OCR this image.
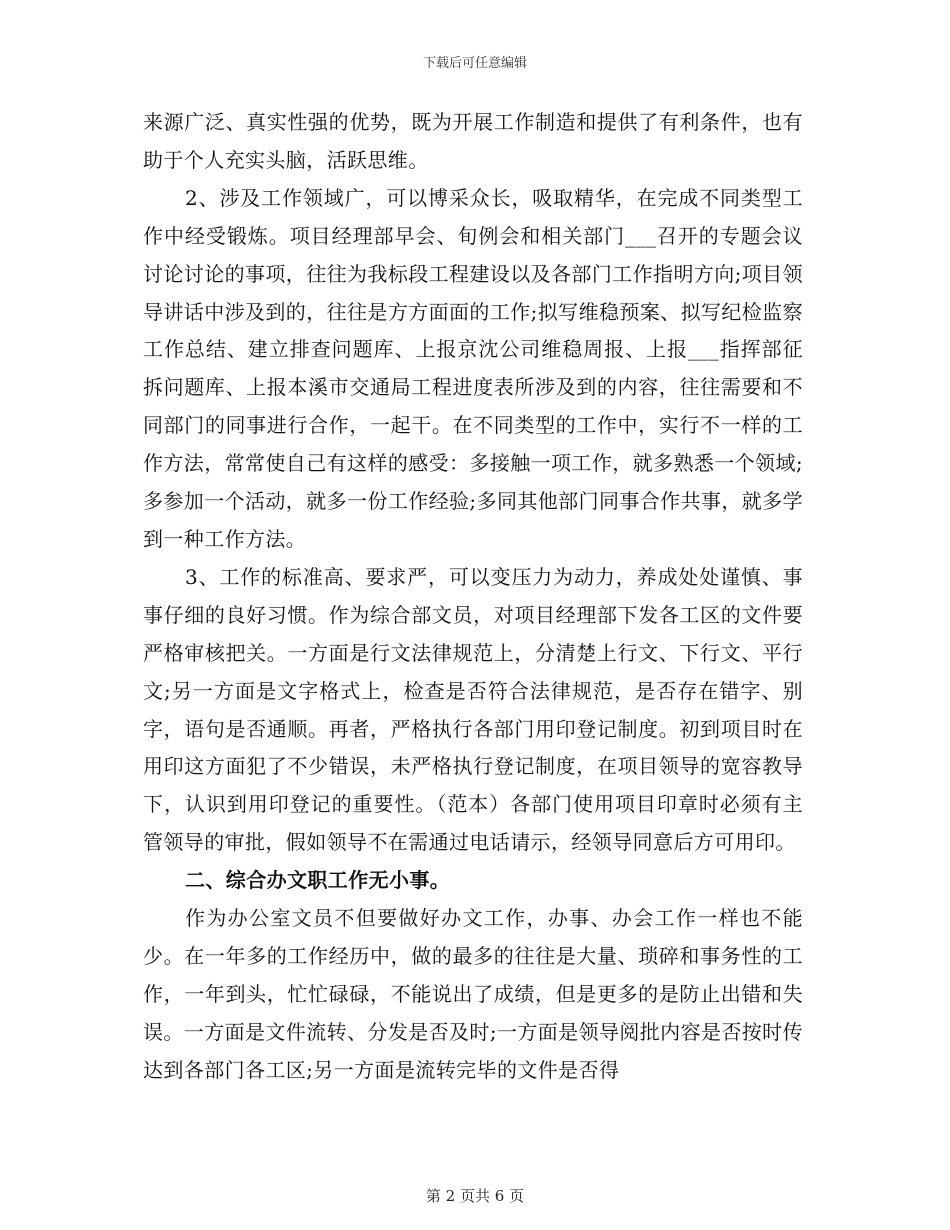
下载后可任意编辑

来源广泛、真实性强的优势，既为开展工作制造和提供了有利条件，也有助于个人充实头脑，活跃思维。

2、涉及工作领域广，可以博采众长，吸取精华，在完成不同类型工作中经受锻炼。项目经理部早会、旬例会和相关部门___召开的专题会议讨论讨论的事项，往往为我标段工程建设以及各部门工作指明方向;项目领导讲话中涉及到的，往往是方方面面的工作;拟写维稳预案、拟写纪检监察工作总结、建立排查问题库、上报京沈公司维稳周报、上报___指挥部征拆问题库、上报本溪市交通局工程进度表所涉及到的内容，往往需要和不同部门的同事进行合作，一起干。在不同类型的工作中，实行不一样的工作方法，常常使自己有这样的感受：多接触一项工作，就多熟悉一个领域;多参加一个活动，就多一份工作经验;多同其他部门同事合作共事，就多学到一种工作方法。

3、工作的标准高、要求严，可以变压力为动力，养成处处谨慎、事事仔细的良好习惯。作为综合部文员，对项目经理部下发各工区的文件要严格审核把关。一方面是行文法律规范上，分清楚上行文、下行文、平行文;另一方面是文字格式上，检查是否符合法律规范，是否存在错字、别字，语句是否通顺。再者，严格执行各部门用印登记制度。初到项目时在用印这方面犯了不少错误，未严格执行登记制度，在项目领导的宽容教导下，认识到用印登记的重要性。（范本）各部门使用项目印章时必须有主管领导的审批，假如领导不在需通过电话请示，经领导同意后方可用印。

二、综合办文职工作无小事。

作为办公室文员不但要做好办文工作，办事、办会工作一样也不能少。在一年多的工作经历中，做的最多的往往是大量、琐碎和事务性的工作，一年到头，忙忙碌碌，不能说出了成绩，但是更多的是防止出错和失误。一方面是文件流转、分发是否及时;一方面是领导阅批内容是否按时传达到各部门各工区;另一方面是流转完毕的文件是否得

第 2 页共 6 页
